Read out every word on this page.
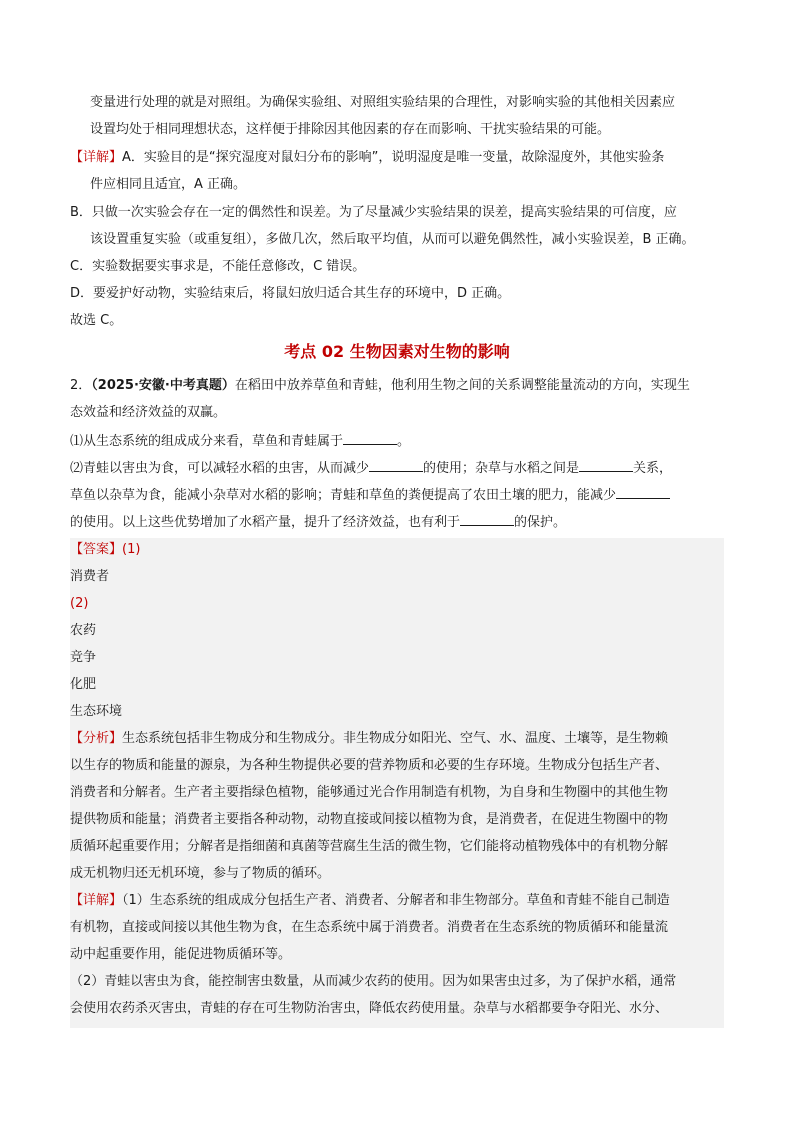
变量进行处理的就是对照组。为确保实验组、对照组实验结果的合理性，对影响实验的其他相关因素应
设置均处于相同理想状态，这样便于排除因其他因素的存在而影响、干扰实验结果的可能。
【详解】A．实验目的是“探究湿度对鼠妇分布的影响”，说明湿度是唯一变量，故除湿度外，其他实验条
件应相同且适宜，A 正确。
B．只做一次实验会存在一定的偶然性和误差。为了尽量减少实验结果的误差，提高实验结果的可信度，应
该设置重复实验（或重复组），多做几次，然后取平均值，从而可以避免偶然性，减小实验误差，B 正确。
C．实验数据要实事求是，不能任意修改，C 错误。
D．要爱护好动物，实验结束后，将鼠妇放归适合其生存的环境中，D 正确。
故选 C。
考点 02 生物因素对生物的影响
2．（2025·安徽·中考真题）在稻田中放养草鱼和青蛙，他利用生物之间的关系调整能量流动的方向，实现生
态效益和经济效益的双赢。
⑴从生态系统的组成成分来看，草鱼和青蛙属于	。
⑵青蛙以害虫为食，可以减轻水稻的虫害，从而减少	的使用；杂草与水稻之间是	关系，
草鱼以杂草为食，能减小杂草对水稻的影响；青蛙和草鱼的粪便提高了农田土壤的肥力，能减少
的使用。以上这些优势增加了水稻产量，提升了经济效益，也有利于	的保护。
【答案】(1)
消费者
(2)
农药
竞争
化肥
生态环境
【分析】生态系统包括非生物成分和生物成分。非生物成分如阳光、空气、水、温度、土壤等，是生物赖
以生存的物质和能量的源泉，为各种生物提供必要的营养物质和必要的生存环境。生物成分包括生产者、
消费者和分解者。生产者主要指绿色植物，能够通过光合作用制造有机物，为自身和生物圈中的其他生物
提供物质和能量；消费者主要指各种动物，动物直接或间接以植物为食，是消费者，在促进生物圈中的物
质循环起重要作用；分解者是指细菌和真菌等营腐生生活的微生物，它们能将动植物残体中的有机物分解
成无机物归还无机环境，参与了物质的循环。
【详解】（1）生态系统的组成成分包括生产者、消费者、分解者和非生物部分。草鱼和青蛙不能自己制造
有机物，直接或间接以其他生物为食，在生态系统中属于消费者。消费者在生态系统的物质循环和能量流
动中起重要作用，能促进物质循环等。
（2）青蛙以害虫为食，能控制害虫数量，从而减少农药的使用。因为如果害虫过多，为了保护水稻，通常
会使用农药杀灭害虫，青蛙的存在可生物防治害虫，降低农药使用量。杂草与水稻都要争夺阳光、水分、
